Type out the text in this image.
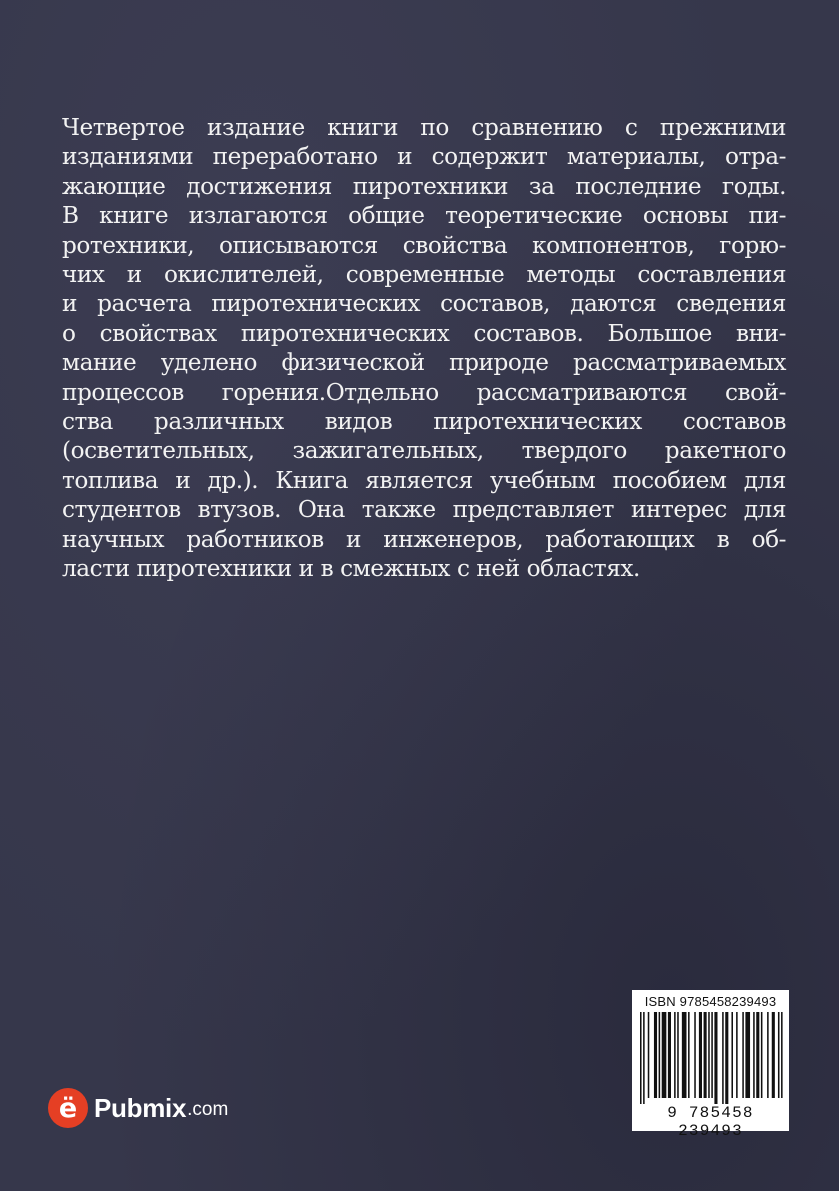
Четвертое издание книги по сравнению с прежними
изданиями переработано и содержит материалы, отра-
жающие достижения пиротехники за последние годы.
В книге излагаются общие теоретические основы пи-
ротехники, описываются свойства компонентов, горю-
чих и окислителей, современные методы составления
и расчета пиротехнических составов, даются сведения
о свойствах пиротехнических составов. Большое вни-
мание уделено физической природе рассматриваемых
процессов горения.Отдельно рассматриваются свой-
ства различных видов пиротехнических составов
(осветительных, зажигательных, твердого ракетного
топлива и др.). Книга является учебным пособием для
студентов втузов. Она также представляет интерес для
научных работников и инженеров, работающих в об-
ласти пиротехники и в смежных с ней областях.
ё Pubmix .com
ISBN 9785458239493
9 785458 239493
